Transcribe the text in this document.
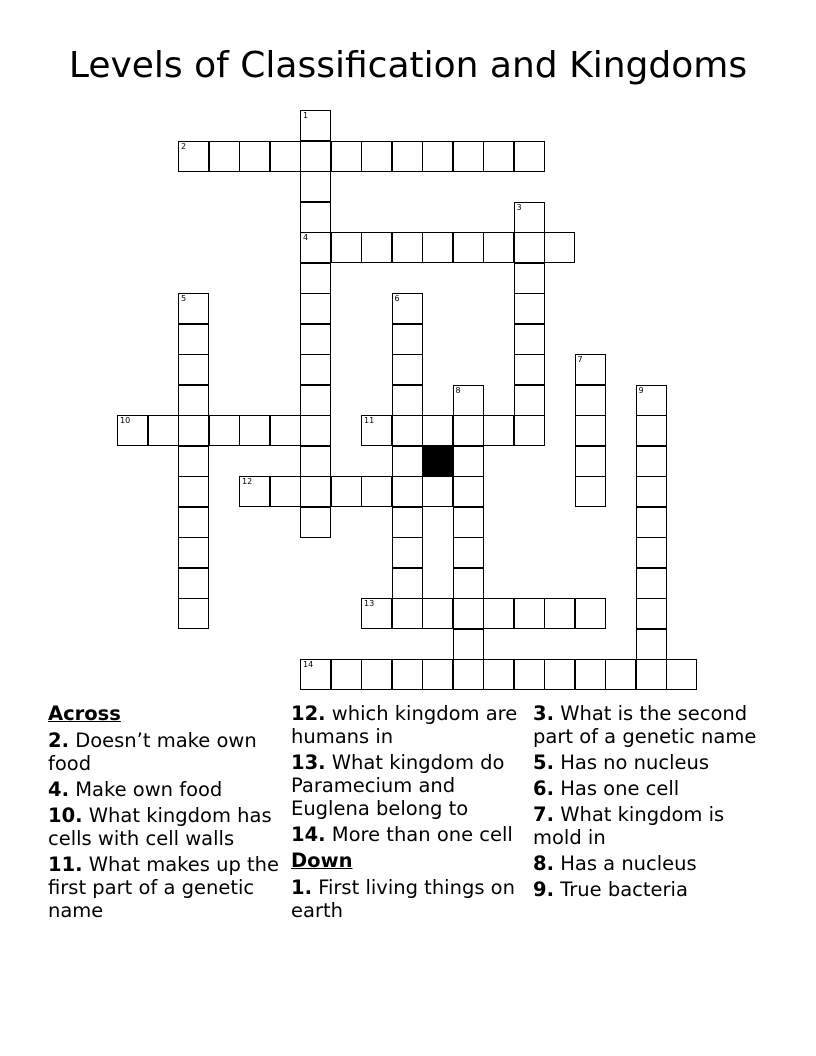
Levels of Classification and Kingdoms
2
4
10	11
12
13
14
1
3
5	6
7
8	9
Across
2. Doesn’t make own food
4. Make own food
10. What kingdom has cells with cell walls
11. What makes up the first part of a genetic name
12. which kingdom are humans in
13. What kingdom do Paramecium and Euglena belong to
14. More than one cell
Down
1. First living things on earth
3. What is the second part of a genetic name
5. Has no nucleus
6. Has one cell
7. What kingdom is mold in
8. Has a nucleus
9. True bacteria
